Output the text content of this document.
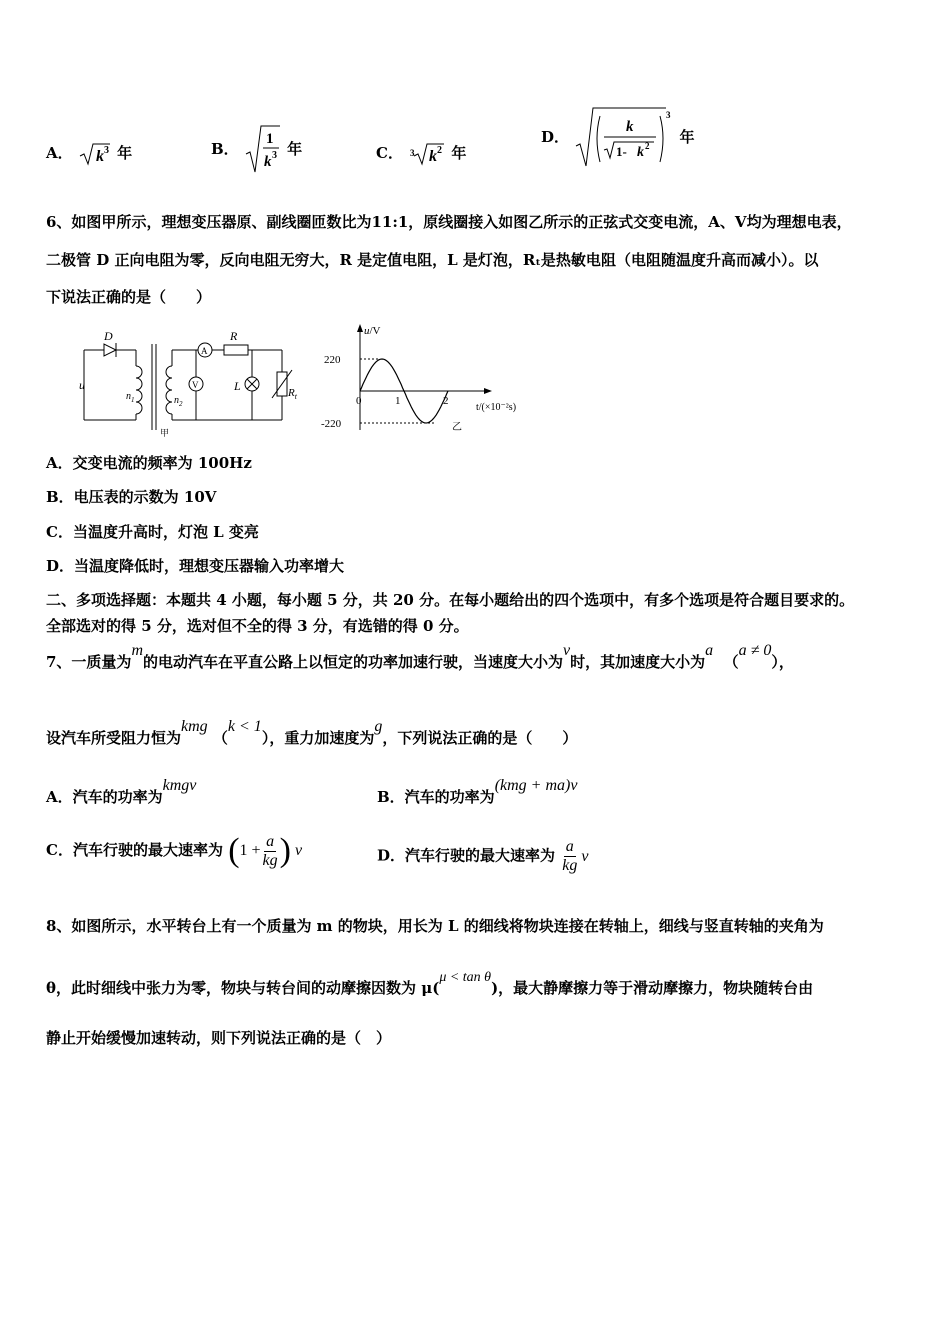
A． k 3 年	B．
1
k 3 年	C． 3 k 2 年
D．
k
1- k 2
3
年
6、如图甲所示，理想变压器原、副线圈匝数比为11:1，原线圈接入如图乙所示的正弦式交变电流，A、V均为理想电表，
二极管 D 正向电阻为零，反向电阻无穷大，R 是定值电阻，L 是灯泡，Rₜ是热敏电阻（电阻随温度升高而减小）。以
下说法正确的是（　　）
D
u
$n_1$	$n_2$
A
R
V	L	$R_t$
甲
u/V
220
-220
0	1	2
t/(×10⁻²s)
乙
A．交变电流的频率为 100Hz
B．电压表的示数为 10V
C．当温度升高时，灯泡 L 变亮
D．当温度降低时，理想变压器输入功率增大
二、多项选择题：本题共 4 小题，每小题 5 分，共 20 分。在每小题给出的四个选项中，有多个选项是符合题目要求的。
全部选对的得 5 分，选对但不全的得 3 分，有选错的得 0 分。
7、一质量为m的电动汽车在平直公路上以恒定的功率加速行驶，当速度大小为v时，其加速度大小为a  （a ≠ 0），
设汽车所受阻力恒为kmg （k < 1），重力加速度为g，下列说法正确的是（　　）
A．汽车的功率为kmgv
B．汽车的功率为(kmg + ma)v
C．汽车行驶的最大速率为 ( $1 + \frac{a}{kg}$ ) v	D．汽车行驶的最大速率为 $\frac{a}{kg}$ v
8、如图所示，水平转台上有一个质量为 m 的物块，用长为 L 的细线将物块连接在转轴上，细线与竖直转轴的夹角为
θ，此时细线中张力为零，物块与转台间的动摩擦因数为 μ(μ < tan θ)，最大静摩擦力等于滑动摩擦力，物块随转台由
静止开始缓慢加速转动，则下列说法正确的是（　）
